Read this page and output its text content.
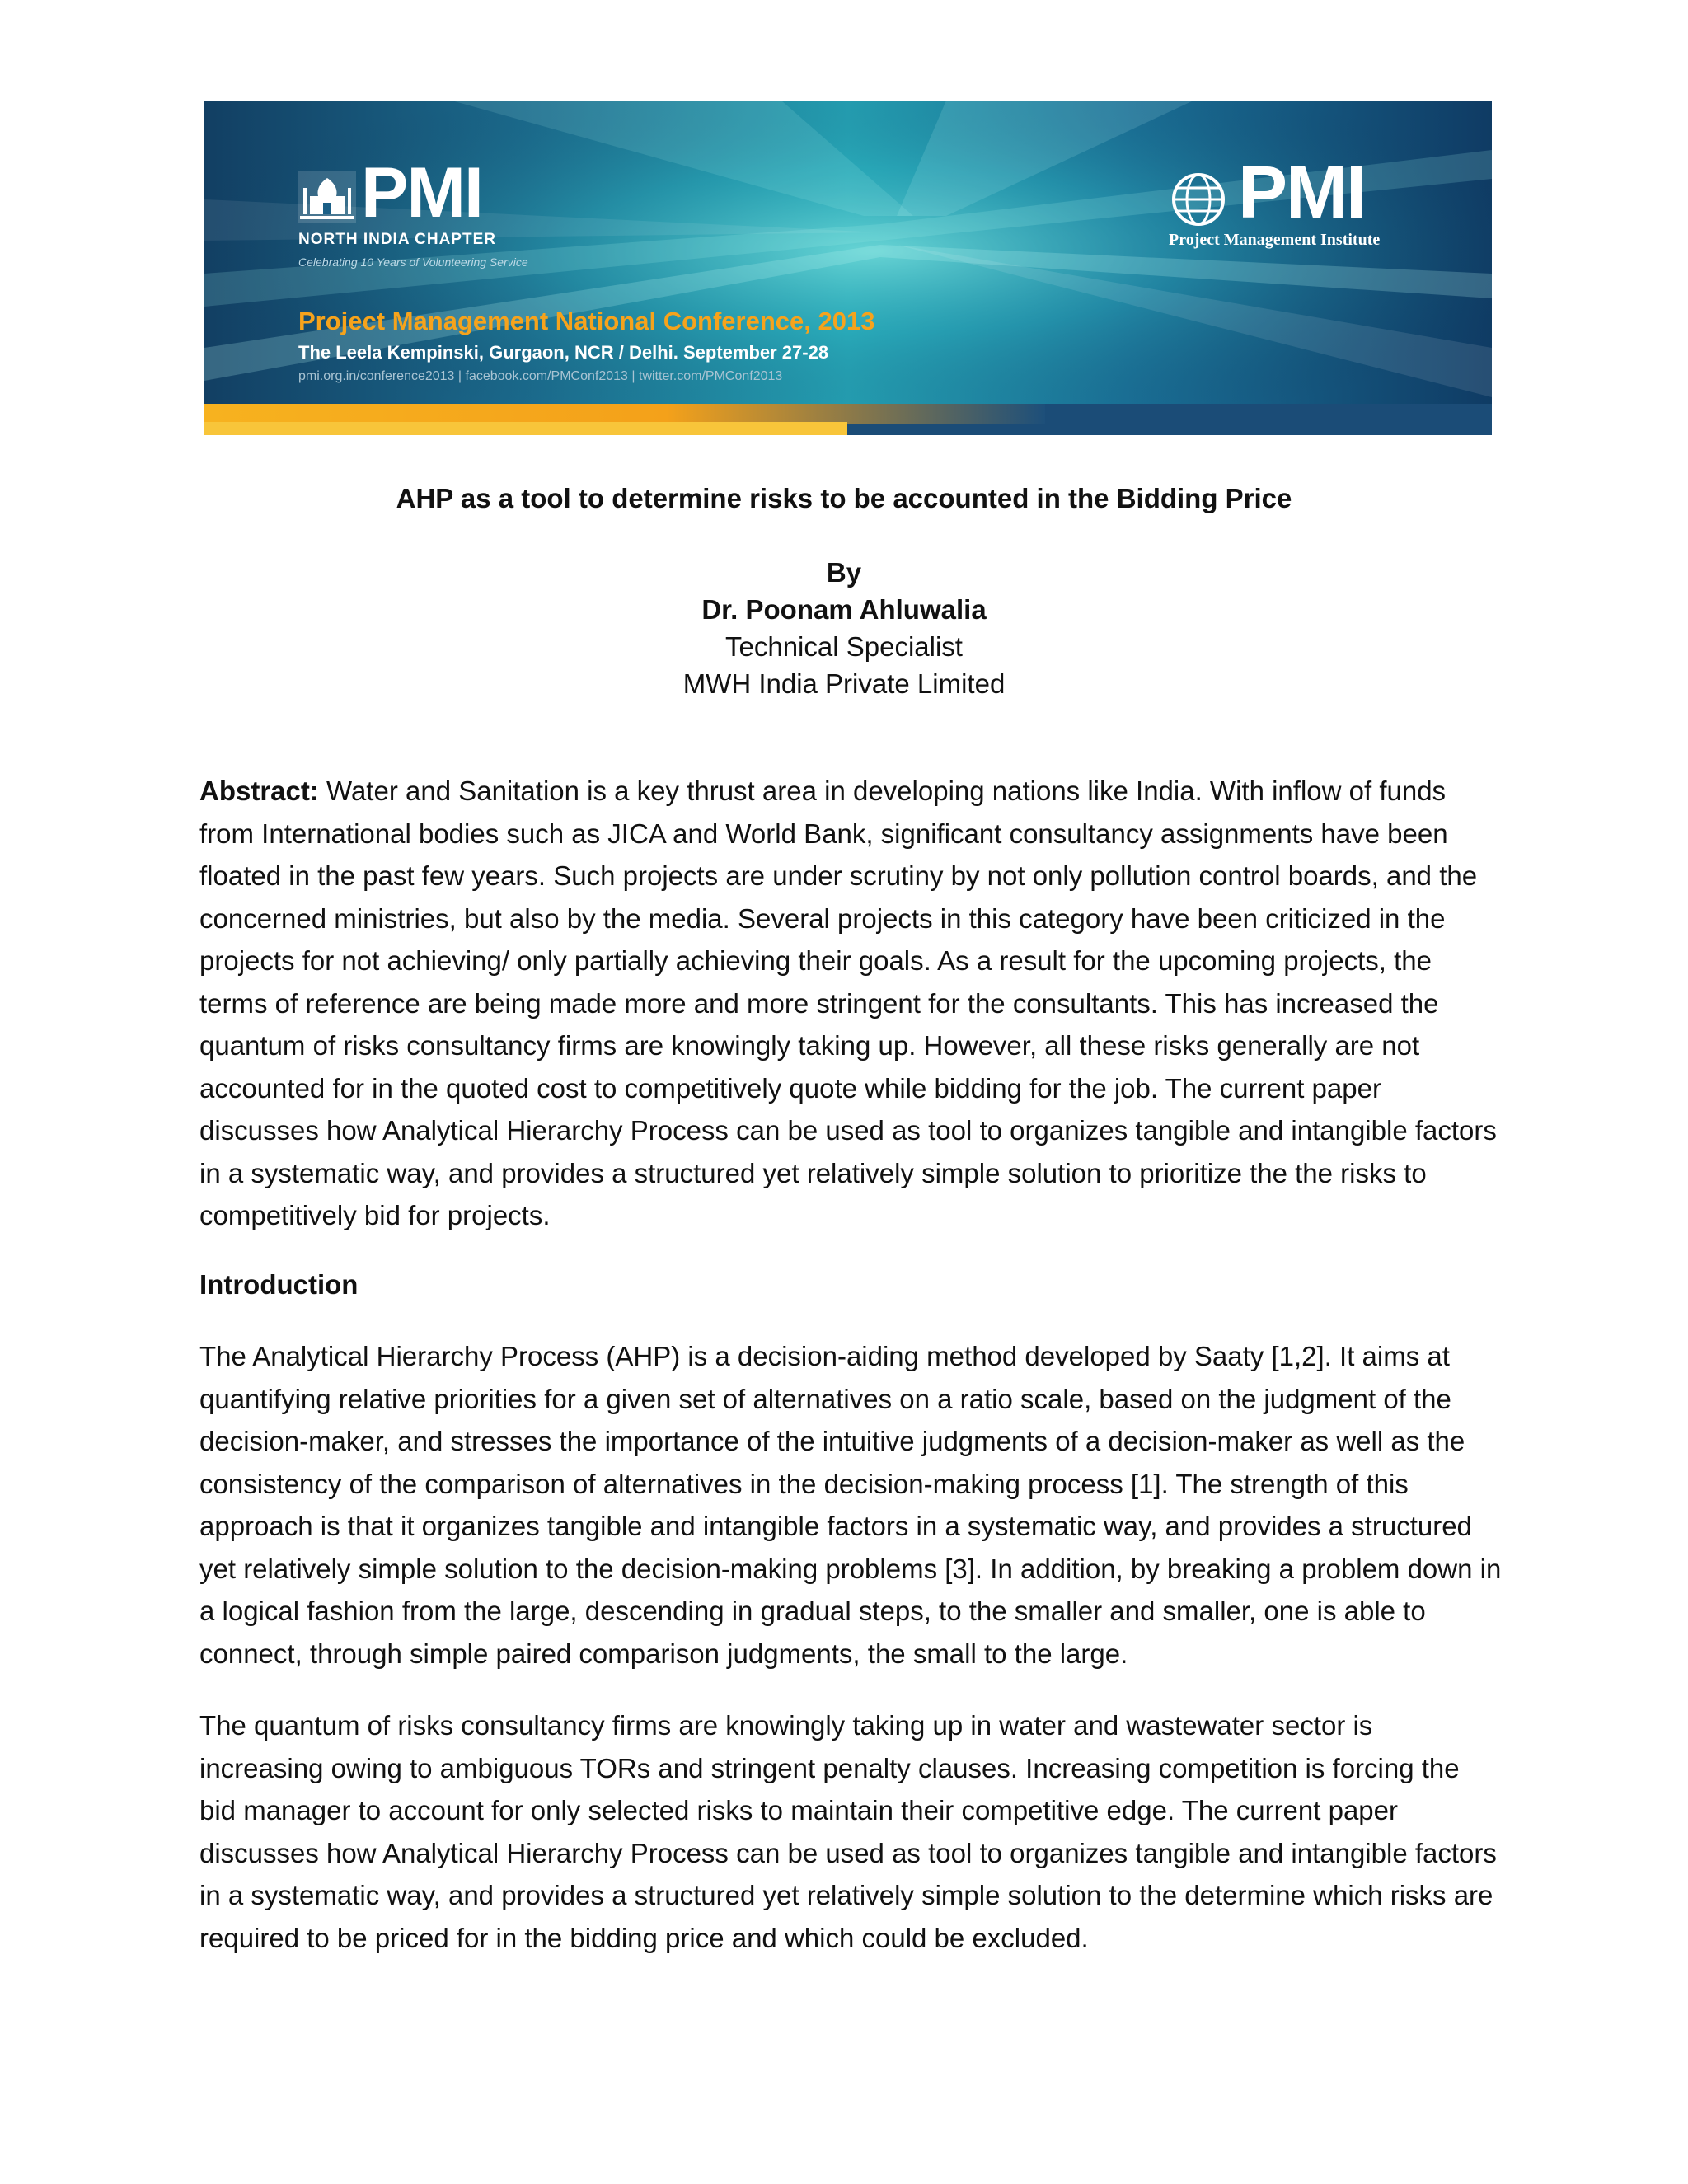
PMI
NORTH INDIA CHAPTER
Celebrating 10 Years of Volunteering Service
PMI
Project Management Institute
Project Management National Conference, 2013
The Leela Kempinski, Gurgaon, NCR / Delhi. September 27-28
pmi.org.in/conference2013 | facebook.com/PMConf2013 | twitter.com/PMConf2013
AHP as a tool to determine risks to be accounted in the Bidding Price
By
Dr. Poonam Ahluwalia
Technical Specialist
MWH India Private Limited

Abstract: Water and Sanitation is a key thrust area in developing nations like India. With inflow of funds from International bodies such as JICA and World Bank, significant consultancy assignments have been floated in the past few years. Such projects are under scrutiny by not only pollution control boards, and the concerned ministries, but also by the media. Several projects in this category have been criticized in the projects for not achieving/ only partially achieving their goals. As a result for the upcoming projects, the terms of reference are being made more and more stringent for the consultants. This has increased the quantum of risks consultancy firms are knowingly taking up. However, all these risks generally are not accounted for in the quoted cost to competitively quote while bidding for the job. The current paper discusses how Analytical Hierarchy Process can be used as tool to organizes tangible and intangible factors in a systematic way, and provides a structured yet relatively simple solution to prioritize the the risks to competitively bid for projects.

Introduction

The Analytical Hierarchy Process (AHP) is a decision-aiding method developed by Saaty [1,2]. It aims at quantifying relative priorities for a given set of alternatives on a ratio scale, based on the judgment of the decision-maker, and stresses the importance of the intuitive judgments of a decision-maker as well as the consistency of the comparison of alternatives in the decision-making process [1]. The strength of this approach is that it organizes tangible and intangible factors in a systematic way, and provides a structured yet relatively simple solution to the decision-making problems [3]. In addition, by breaking a problem down in a logical fashion from the large, descending in gradual steps, to the smaller and smaller, one is able to connect, through simple paired comparison judgments, the small to the large.

The quantum of risks consultancy firms are knowingly taking up in water and wastewater sector is increasing owing to ambiguous TORs and stringent penalty clauses. Increasing competition is forcing the bid manager to account for only selected risks to maintain their competitive edge. The current paper discusses how Analytical Hierarchy Process can be used as tool to organizes tangible and intangible factors in a systematic way, and provides a structured yet relatively simple solution to the determine which risks are required to be priced for in the bidding price and which could be excluded.
